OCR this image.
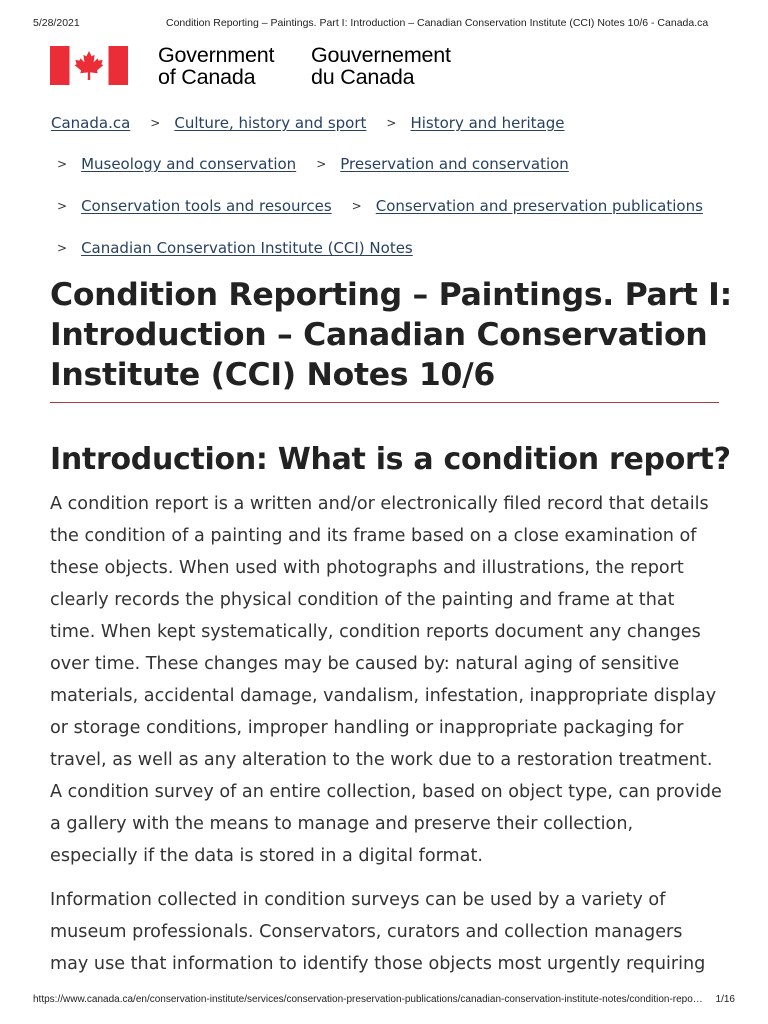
5/28/2021	Condition Reporting – Paintings. Part I: Introduction – Canadian Conservation Institute (CCI) Notes 10/6 - Canada.ca
Government
of Canada
Gouvernement
du Canada
Canada.ca > Culture, history and sport > History and heritage
> Museology and conservation > Preservation and conservation
> Conservation tools and resources > Conservation and preservation publications
> Canadian Conservation Institute (CCI) Notes
Condition Reporting – Paintings. Part I:
Introduction – Canadian Conservation
Institute (CCI) Notes 10/6
Introduction: What is a condition report?

A condition report is a written and/or electronically filed record that details
the condition of a painting and its frame based on a close examination of
these objects. When used with photographs and illustrations, the report
clearly records the physical condition of the painting and frame at that
time. When kept systematically, condition reports document any changes
over time. These changes may be caused by: natural aging of sensitive
materials, accidental damage, vandalism, infestation, inappropriate display
or storage conditions, improper handling or inappropriate packaging for
travel, as well as any alteration to the work due to a restoration treatment.
A condition survey of an entire collection, based on object type, can provide
a gallery with the means to manage and preserve their collection,
especially if the data is stored in a digital format.

Information collected in condition surveys can be used by a variety of
museum professionals. Conservators, curators and collection managers
may use that information to identify those objects most urgently requiring

https://www.canada.ca/en/conservation-institute/services/conservation-preservation-publications/canadian-conservation-institute-notes/condition-repo… 1/16
